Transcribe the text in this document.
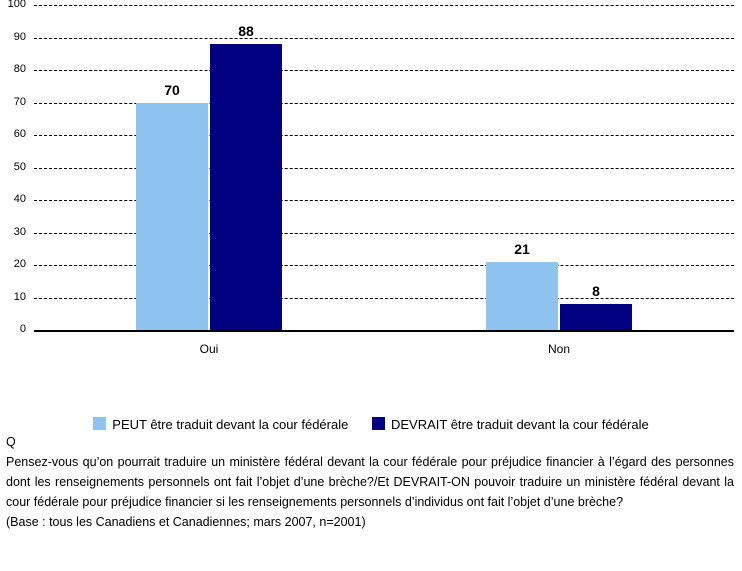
0
10
20
30
40
50
60
70
80
90
100
70
88
Oui
21
8
Non
PEUT être traduit devant la cour fédérale	DEVRAIT être traduit devant la cour fédérale
Q
Pensez-vous qu’on pourrait traduire un ministère fédéral devant la cour fédérale pour préjudice financier à l’égard des personnes dont les renseignements personnels ont fait l’objet d’une brèche?/Et DEVRAIT-ON pouvoir traduire un ministère fédéral devant la cour fédérale pour préjudice financier si les renseignements personnels d’individus ont fait l’objet d’une brèche?
(Base : tous les Canadiens et Canadiennes; mars 2007, n=2001)
